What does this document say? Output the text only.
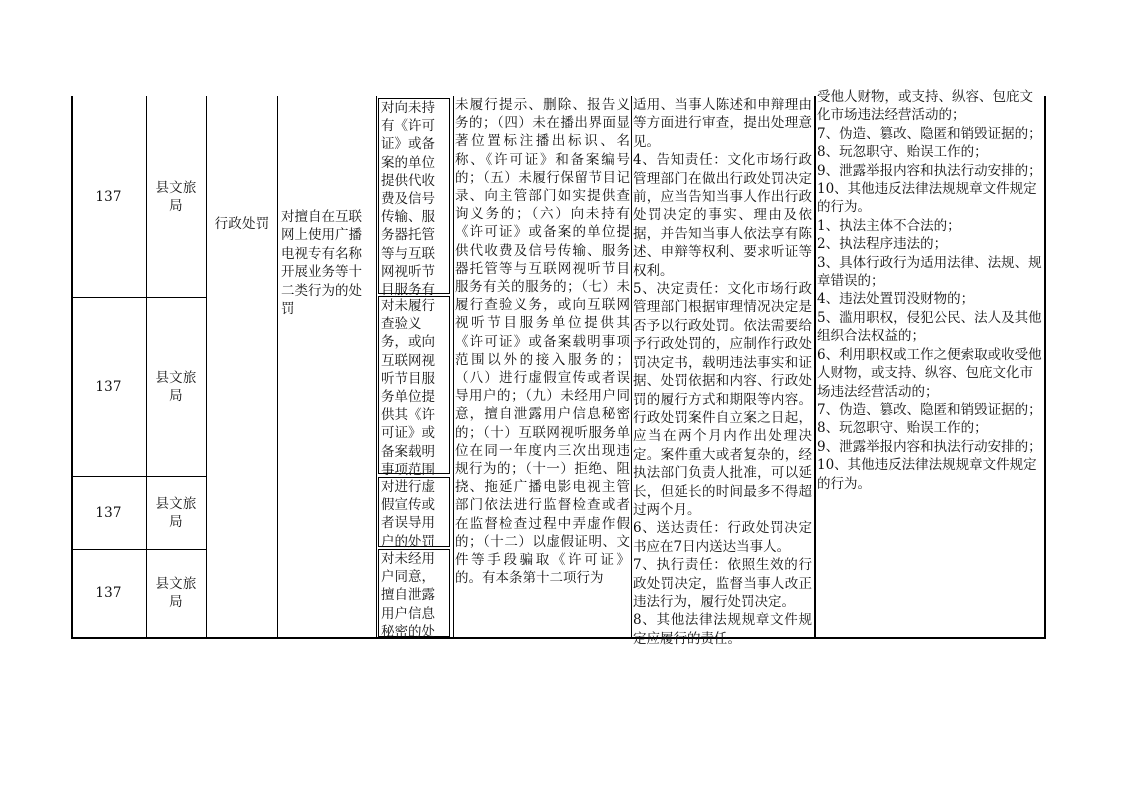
137
县文旅
局
137
县文旅
局
137
县文旅
局
137
县文旅
局
行政处罚 对擅自在互联网上使用广播电视专有名称开展业务等十二类行为的处罚

对向未持有《许可证》或备案的单位提供代收费及信号传输、服务器托管等与互联网视听节目服务有

对未履行查验义务，或向互联网视听节目服务单位提供其《许可证》或备案载明事项范围

对进行虚假宣传或者误导用户的处罚

对未经用户同意，擅自泄露用户信息秘密的处

未履行提示、删除、报告义务的；（四）未在播出界面显著位置标注播出标识、名称、《许可证》和备案编号的；（五）未履行保留节目记录、向主管部门如实提供查询义务的；（六）向未持有《许可证》或备案的单位提供代收费及信号传输、服务器托管等与互联网视听节目服务有关的服务的；（七）未履行查验义务，或向互联网视听节目服务单位提供其《许可证》或备案载明事项范围以外的接入服务的；（八）进行虚假宣传或者误导用户的；（九）未经用户同意，擅自泄露用户信息秘密的；（十）互联网视听服务单位在同一年度内三次出现违规行为的；（十一）拒绝、阻挠、拖延广播电影电视主管部门依法进行监督检查或者在监督检查过程中弄虚作假的；（十二）以虚假证明、文件等手段骗取《许可证》的。有本条第十二项行为

适用、当事人陈述和申辩理由等方面进行审查，提出处理意见。
4、告知责任：文化市场行政管理部门在做出行政处罚决定前，应当告知当事人作出行政处罚决定的事实、理由及依据，并告知当事人依法享有陈述、申辩等权利、要求听证等权利。
5、决定责任：文化市场行政管理部门根据审理情况决定是否予以行政处罚。依法需要给予行政处罚的，应制作行政处罚决定书，载明违法事实和证据、处罚依据和内容、行政处罚的履行方式和期限等内容。行政处罚案件自立案之日起，应当在两个月内作出处理决定。案件重大或者复杂的，经执法部门负责人批准，可以延长，但延长的时间最多不得超过两个月。
6、送达责任：行政处罚决定书应在7日内送达当事人。
7、执行责任：依照生效的行政处罚决定，监督当事人改正违法行为，履行处罚决定。
8、其他法律法规规章文件规定应履行的责任。

受他人财物，或支持、纵容、包庇文化市场违法经营活动的；
7、伪造、篡改、隐匿和销毁证据的；
8、玩忽职守、贻误工作的；
9、泄露举报内容和执法行动安排的；
10、其他违反法律法规规章文件规定的行为。
1、执法主体不合法的；
2、执法程序违法的；
3、具体行政行为适用法律、法规、规章错误的；
4、违法处置罚没财物的；
5、滥用职权，侵犯公民、法人及其他组织合法权益的；
6、利用职权或工作之便索取或收受他人财物，或支持、纵容、包庇文化市场违法经营活动的；
7、伪造、篡改、隐匿和销毁证据的；
8、玩忽职守、贻误工作的；
9、泄露举报内容和执法行动安排的；
10、其他违反法律法规规章文件规定的行为。
